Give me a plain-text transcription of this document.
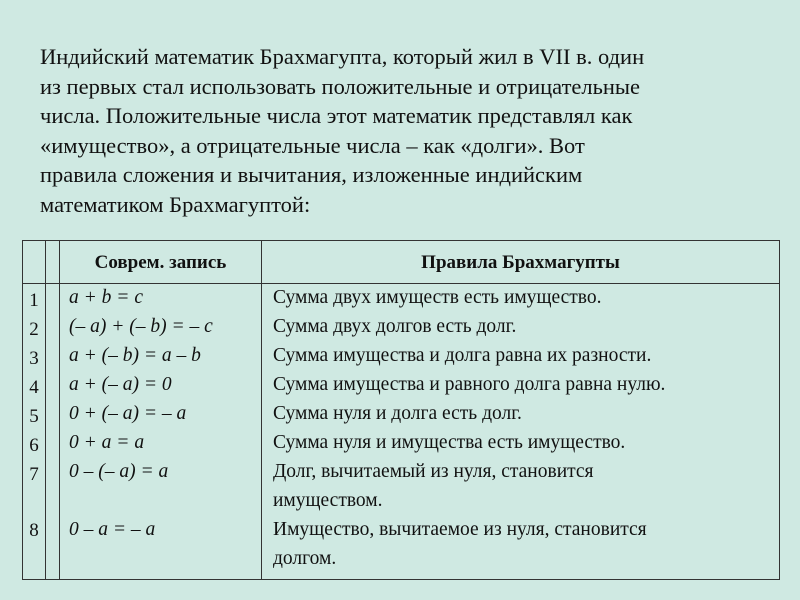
Индийский математик Брахмагупта, который жил в VII в. один
из первых стал использовать положительные и отрицательные
числа. Положительные числа этот математик представлял как
«имущество», а отрицательные числа – как «долги». Вот
правила сложения и вычитания, изложенные индийским
математиком Брахмагуптой:

Соврем. запись	Правила Брахмагупты
1
2
3
4
5
6
7
8
a + b = c
(– a) + (– b) = – c
a + (– b) = a – b
a + (– a) = 0
0 + (– a) = – a
0 + a = a
0 – (– a) = a
0 – a = – a
Сумма двух имуществ есть имущество.
Сумма двух долгов есть долг.
Сумма имущества и долга равна их разности.
Сумма имущества и равного долга равна нулю.
Сумма нуля и долга есть долг.
Сумма нуля и имущества есть имущество.
Долг, вычитаемый из нуля, становится
имуществом.
Имущество, вычитаемое из нуля, становится
долгом.
